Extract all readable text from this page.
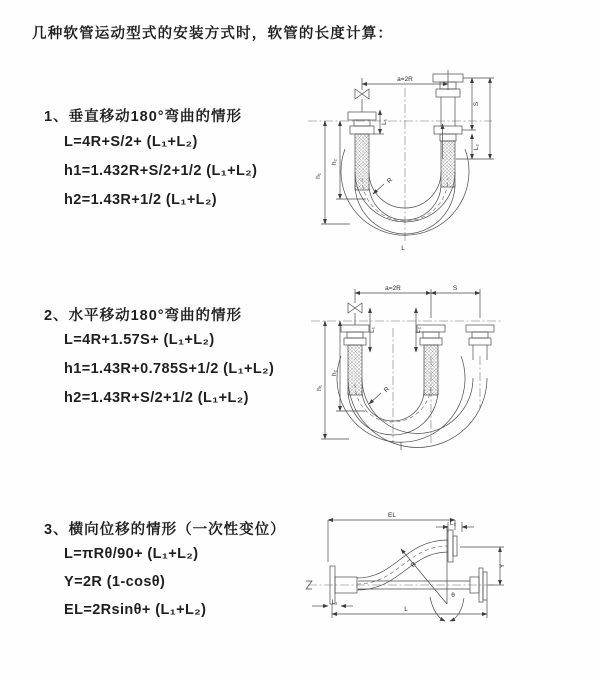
几种软管运动型式的安装方式时，软管的长度计算：
1、垂直移动180°弯曲的情形
L=4R+S/2+ (L₁+L₂)
h1=1.432R+S/2+1/2 (L₁+L₂)
h2=1.43R+1/2 (L₁+L₂)
2、水平移动180°弯曲的情形
L=4R+1.57S+ (L₁+L₂)
h1=1.43R+0.785S+1/2 (L₁+L₂)
h2=1.43R+S/2+1/2 (L₁+L₂)
3、横向位移的情形（一次性变位）
L=πRθ/90+ (L₁+L₂)
Y=2R (1-cosθ)
EL=2Rsinθ+ (L₁+L₂)
a=2R
L₁
S
L₂
h₂
h₁
R
L
a=2R	S
L₁	L₂
h₂
h₁	R
EL
L₂
Y
R
θ
L
L₁
